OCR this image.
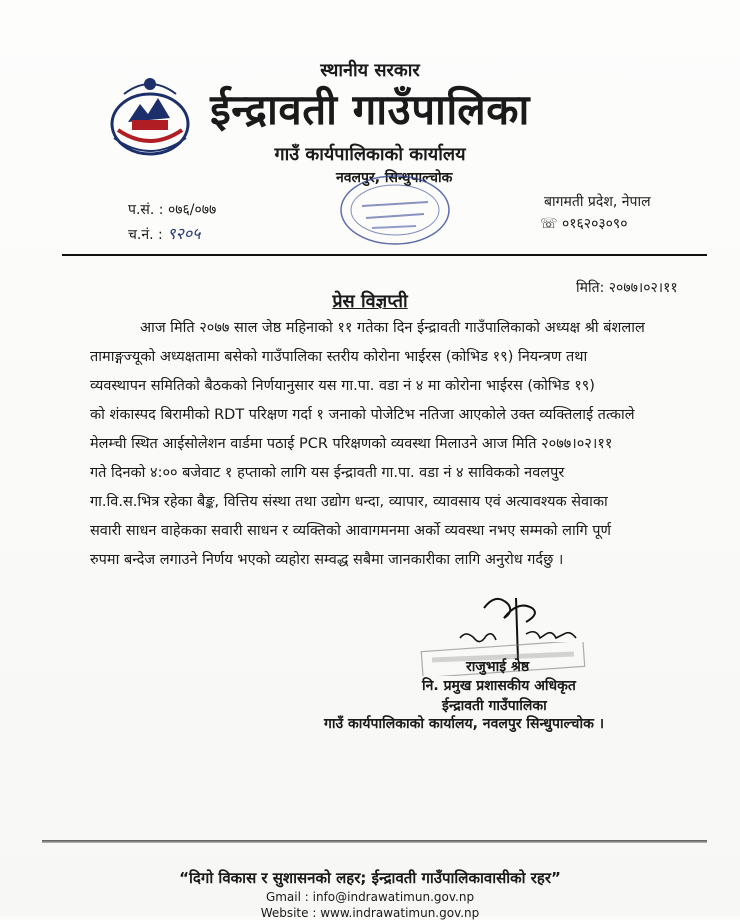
स्थानीय सरकार
ईन्द्रावती गाउँपालिका
गाउँ कार्यपालिकाको कार्यालय
नवलपुर, सिन्धुपाल्चोक
प.सं. : ०७६/०७७
च.नं. : ९२०५
बागमती प्रदेश, नेपाल
☏ ०१६२०३०९०
मिति: २०७७।०२।११
प्रेस विज्ञप्ती
आज मिति २०७७ साल जेष्ठ महिनाको ११ गतेका दिन ईन्द्रावती गाउँपालिकाको अध्यक्ष श्री बंशलाल
तामाङ्गज्यूको अध्यक्षतामा बसेको गाउँपालिका स्तरीय कोरोना भाईरस (कोभिड १९) नियन्त्रण तथा
व्यवस्थापन समितिको बैठकको निर्णयानुसार यस गा.पा. वडा नं ४ मा कोरोना भाईरस (कोभिड १९)
को शंकास्पद बिरामीको RDT परिक्षण गर्दा १ जनाको पोजेटिभ नतिजा आएकोले उक्त व्यक्तिलाई तत्काले
मेलम्ची स्थित आईसोलेशन वार्डमा पठाई PCR परिक्षणको व्यवस्था मिलाउने आज मिति २०७७।०२।११
गते दिनको ४:०० बजेवाट १ हप्ताको लागि यस ईन्द्रावती गा.पा. वडा नं ४ साविकको नवलपुर
गा.वि.स.भित्र रहेका बैङ्क, वित्तिय संस्था तथा उद्योग धन्दा, व्यापार, व्यावसाय एवं अत्यावश्यक सेवाका
सवारी साधन वाहेकका सवारी साधन र व्यक्तिको आवागमनमा अर्को व्यवस्था नभए सम्मको लागि पूर्ण
रुपमा बन्देज लगाउने निर्णय भएको व्यहोरा सम्वद्ध सबैमा जानकारीका लागि अनुरोध गर्दछु ।
राजुभाई श्रेष्ठ
नि. प्रमुख प्रशासकीय अधिकृत
ईन्द्रावती गाउँपालिका
गाउँ कार्यपालिकाको कार्यालय, नवलपुर सिन्धुपाल्चोक ।
“दिगो विकास र सुशासनको लहर; ईन्द्रावती गाउँपालिकावासीको रहर”
Gmail : info@indrawatimun.gov.np
Website : www.indrawatimun.gov.np
